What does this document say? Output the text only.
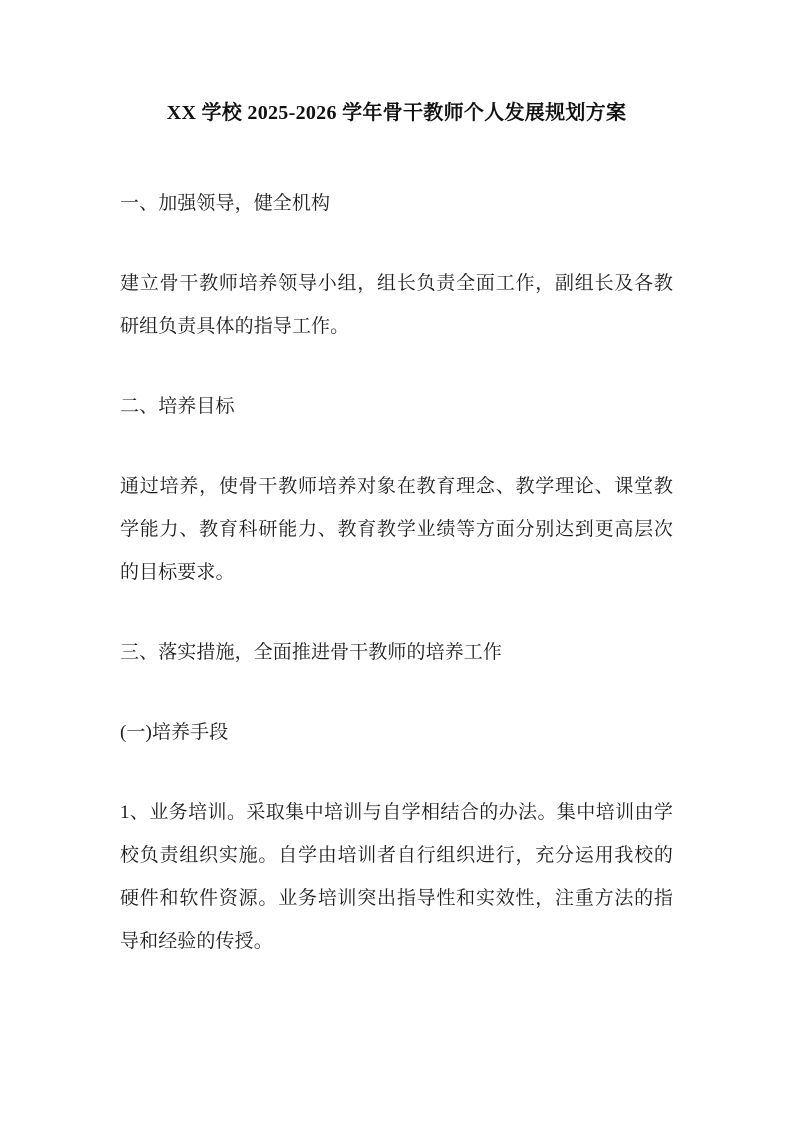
XX 学校 2025-2026 学年骨干教师个人发展规划方案

一、加强领导，健全机构

建立骨干教师培养领导小组，组长负责全面工作，副组长及各教研组负责具体的指导工作。

二、培养目标

通过培养，使骨干教师培养对象在教育理念、教学理论、课堂教学能力、教育科研能力、教育教学业绩等方面分别达到更高层次的目标要求。

三、落实措施，全面推进骨干教师的培养工作

(一)培养手段

1、业务培训。采取集中培训与自学相结合的办法。集中培训由学校负责组织实施。自学由培训者自行组织进行，充分运用我校的硬件和软件资源。业务培训突出指导性和实效性，注重方法的指导和经验的传授。
